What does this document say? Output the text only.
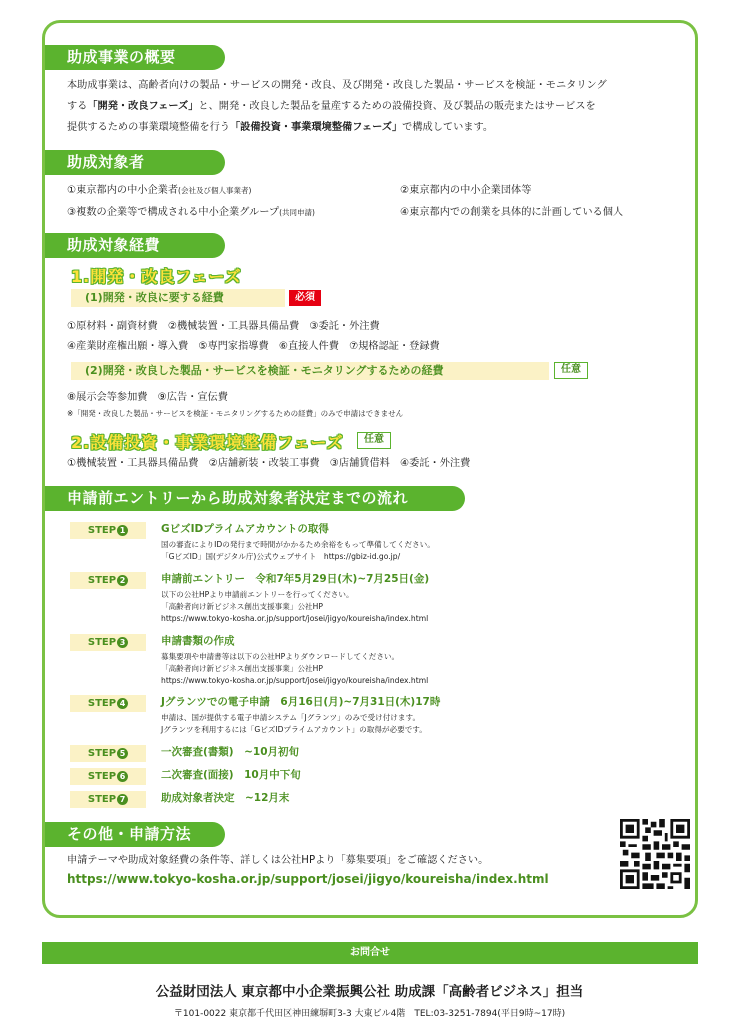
助成事業の概要
本助成事業は、高齢者向けの製品・サービスの開発・改良、及び開発・改良した製品・サービスを検証・モニタリング
する「開発・改良フェーズ」と、開発・改良した製品を量産するための設備投資、及び製品の販売またはサービスを
提供するための事業環境整備を行う「設備投資・事業環境整備フェーズ」で構成しています。
助成対象者
①東京都内の中小企業者(会社及び個人事業者)	②東京都内の中小企業団体等
③複数の企業等で構成される中小企業グループ(共同申請)	④東京都内での創業を具体的に計画している個人
助成対象経費
1.開発・改良フェーズ
(1)開発・改良に要する経費	必須
①原材料・副資材費　②機械装置・工具器具備品費　③委託・外注費
④産業財産権出願・導入費　⑤専門家指導費　⑥直接人件費　⑦規格認証・登録費
(2)開発・改良した製品・サービスを検証・モニタリングするための経費	任意
⑧展示会等参加費　⑨広告・宣伝費
※「開発・改良した製品・サービスを検証・モニタリングするための経費」のみで申請はできません
2.設備投資・事業環境整備フェーズ	任意
①機械装置・工具器具備品費　②店舗新装・改装工事費　③店舗賃借料　④委託・外注費
申請前エントリーから助成対象者決定までの流れ
STEP 1	GビズIDプライムアカウントの取得
国の審査によりIDの発行まで時間がかかるため余裕をもって準備してください。
「GビズID」国(デジタル庁)公式ウェブサイト　https://gbiz-id.go.jp/
STEP 2	申請前エントリー　令和7年5月29日(木)~7月25日(金)
以下の公社HPより申請前エントリーを行ってください。
「高齢者向け新ビジネス創出支援事業」公社HP
https://www.tokyo-kosha.or.jp/support/josei/jigyo/koureisha/index.html
STEP 3	申請書類の作成
募集要項や申請書等は以下の公社HPよりダウンロードしてください。
「高齢者向け新ビジネス創出支援事業」公社HP
https://www.tokyo-kosha.or.jp/support/josei/jigyo/koureisha/index.html
STEP 4	Jグランツでの電子申請　6月16日(月)~7月31日(木)17時
申請は、国が提供する電子申請システム「Jグランツ」のみで受け付けます。
Jグランツを利用するには「GビズIDプライムアカウント」の取得が必要です。
STEP 5	一次審査(書類)　~10月初旬
STEP 6	二次審査(面接)　10月中下旬
STEP 7	助成対象者決定　~12月末
その他・申請方法
申請テーマや助成対象経費の条件等、詳しくは公社HPより「募集要項」をご確認ください。
https://www.tokyo-kosha.or.jp/support/josei/jigyo/koureisha/index.html
お問合せ
公益財団法人 東京都中小企業振興公社 助成課「高齢者ビジネス」担当
〒101-0022 東京都千代田区神田練塀町3-3 大東ビル4階　TEL:03-3251-7894(平日9時~17時)
